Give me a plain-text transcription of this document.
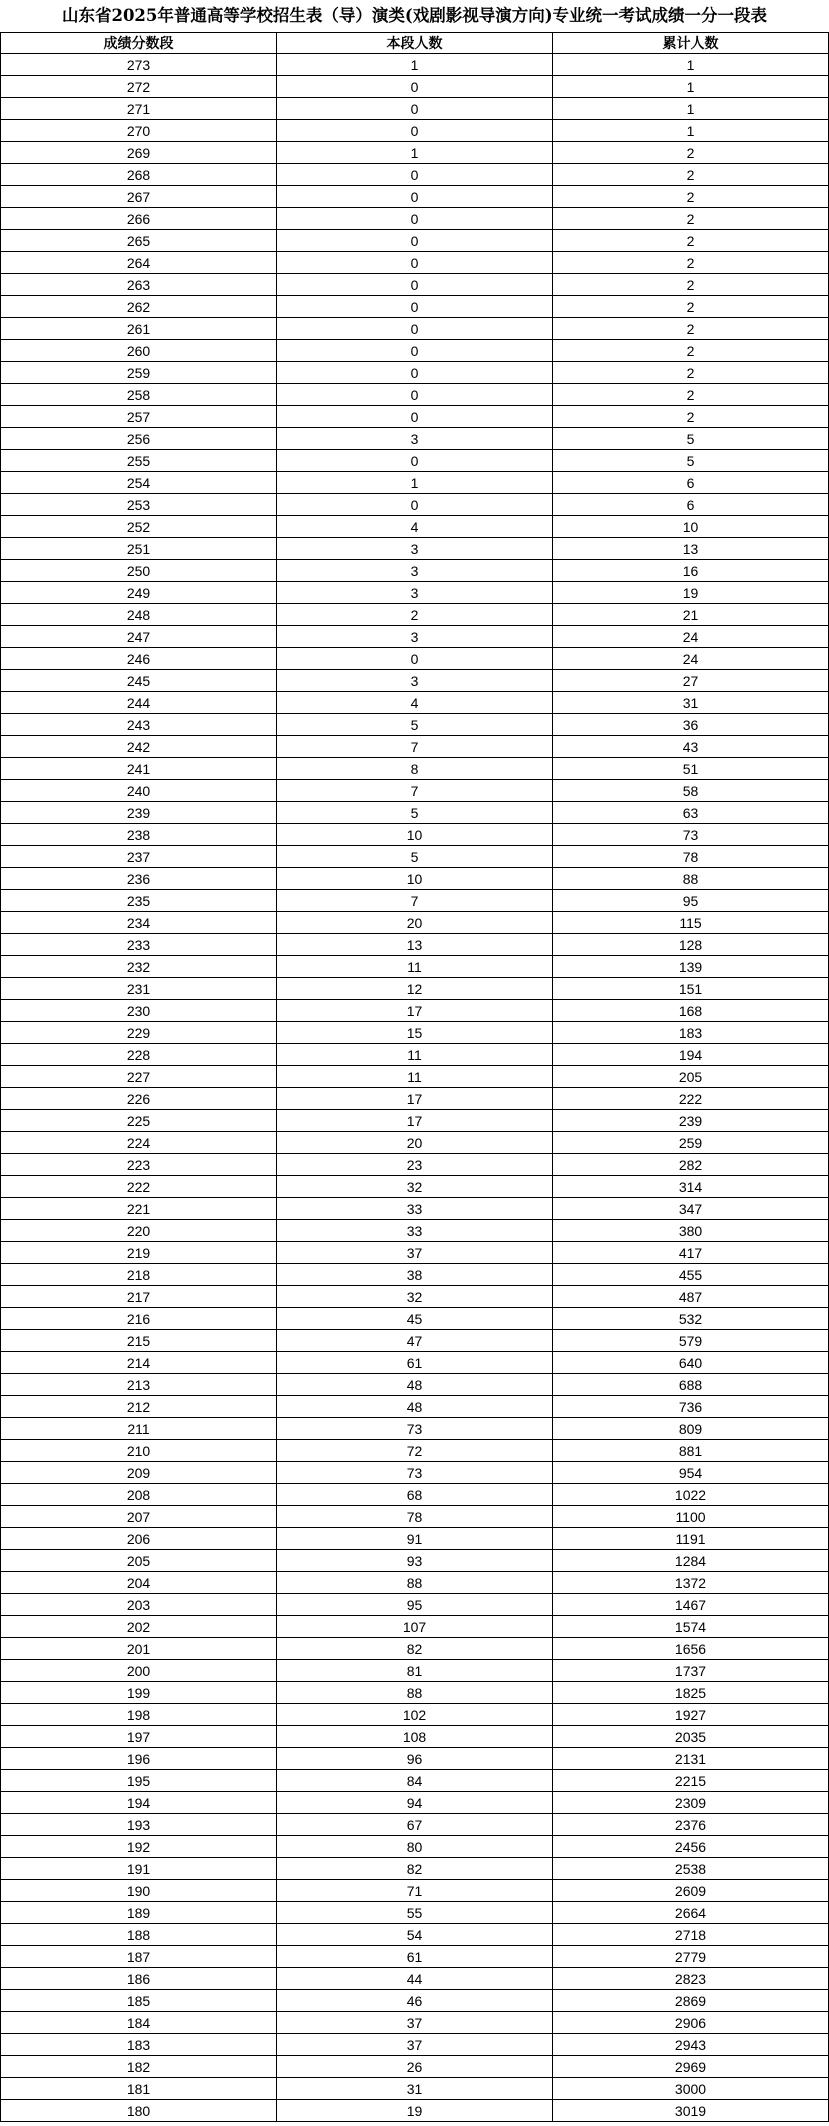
山东省2025年普通高等学校招生表（导）演类(戏剧影视导演方向)专业统一考试成绩一分一段表
成绩分数段	本段人数	累计人数
273	1	1
272	0	1
271	0	1
270	0	1
269	1	2
268	0	2
267	0	2
266	0	2
265	0	2
264	0	2
263	0	2
262	0	2
261	0	2
260	0	2
259	0	2
258	0	2
257	0	2
256	3	5
255	0	5
254	1	6
253	0	6
252	4	10
251	3	13
250	3	16
249	3	19
248	2	21
247	3	24
246	0	24
245	3	27
244	4	31
243	5	36
242	7	43
241	8	51
240	7	58
239	5	63
238	10	73
237	5	78
236	10	88
235	7	95
234	20	115
233	13	128
232	11	139
231	12	151
230	17	168
229	15	183
228	11	194
227	11	205
226	17	222
225	17	239
224	20	259
223	23	282
222	32	314
221	33	347
220	33	380
219	37	417
218	38	455
217	32	487
216	45	532
215	47	579
214	61	640
213	48	688
212	48	736
211	73	809
210	72	881
209	73	954
208	68	1022
207	78	1100
206	91	1191
205	93	1284
204	88	1372
203	95	1467
202	107	1574
201	82	1656
200	81	1737
199	88	1825
198	102	1927
197	108	2035
196	96	2131
195	84	2215
194	94	2309
193	67	2376
192	80	2456
191	82	2538
190	71	2609
189	55	2664
188	54	2718
187	61	2779
186	44	2823
185	46	2869
184	37	2906
183	37	2943
182	26	2969
181	31	3000
180	19	3019
